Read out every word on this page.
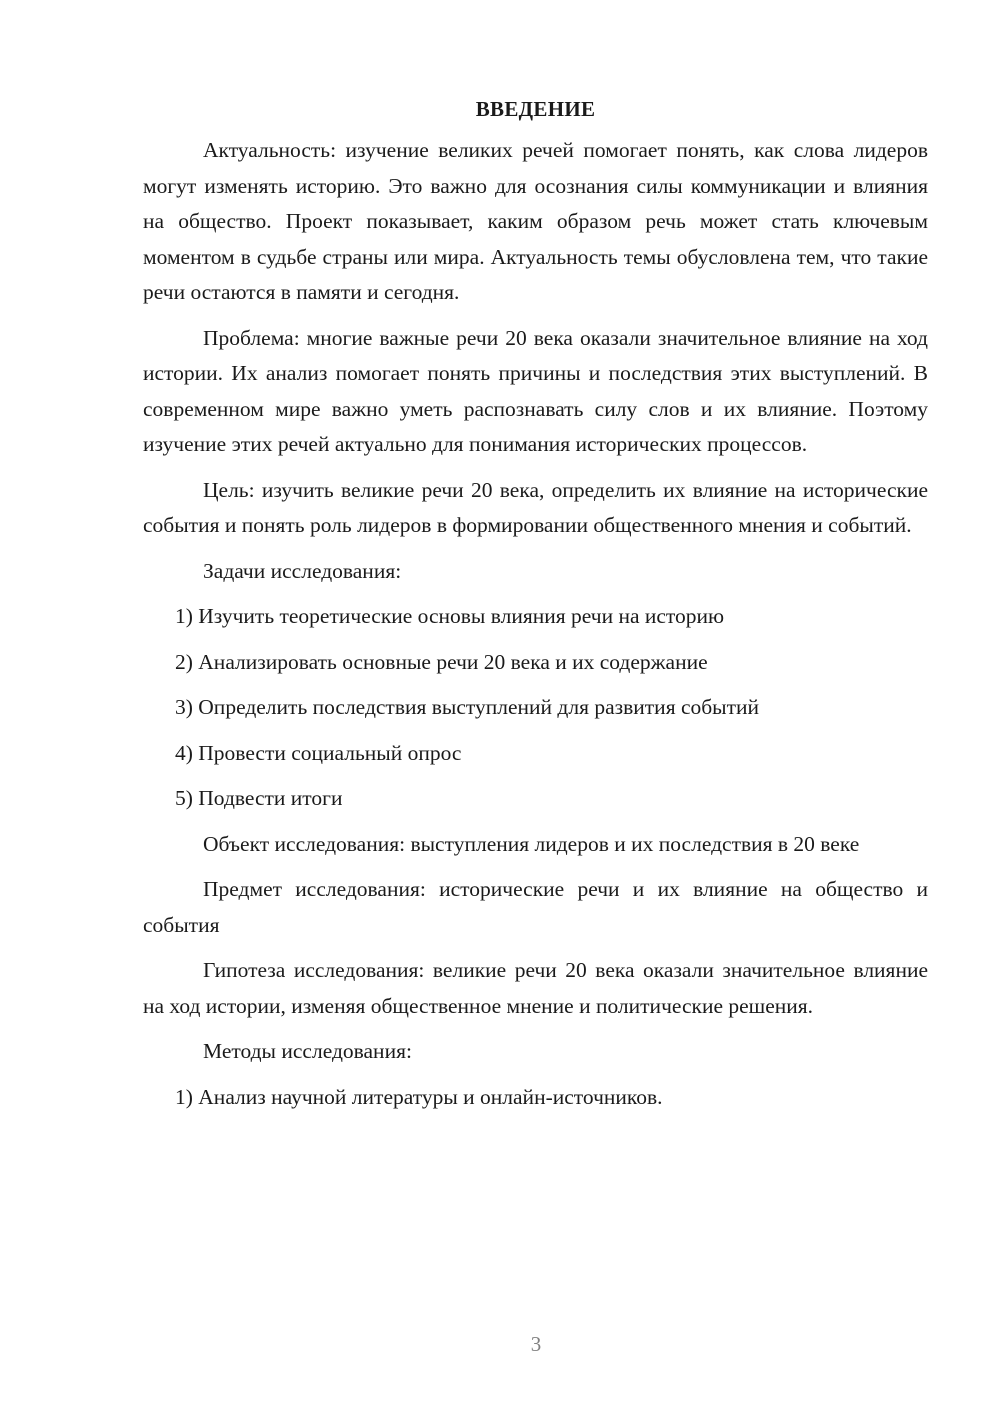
ВВЕДЕНИЕ

Актуальность: изучение великих речей помогает понять, как слова лидеров могут изменять историю. Это важно для осознания силы коммуникации и влияния на общество. Проект показывает, каким образом речь может стать ключевым моментом в судьбе страны или мира. Актуальность темы обусловлена тем, что такие речи остаются в памяти и сегодня.

Проблема: многие важные речи 20 века оказали значительное влияние на ход истории. Их анализ помогает понять причины и последствия этих выступлений. В современном мире важно уметь распознавать силу слов и их влияние. Поэтому изучение этих речей актуально для понимания исторических процессов.

Цель: изучить великие речи 20 века, определить их влияние на исторические события и понять роль лидеров в формировании общественного мнения и событий.

Задачи исследования:

1) Изучить теоретические основы влияния речи на историю
2) Анализировать основные речи 20 века и их содержание
3) Определить последствия выступлений для развития событий
4) Провести социальный опрос
5) Подвести итоги

Объект исследования: выступления лидеров и их последствия в 20 веке

Предмет исследования: исторические речи и их влияние на общество и события

Гипотеза исследования: великие речи 20 века оказали значительное влияние на ход истории, изменяя общественное мнение и политические решения.

Методы исследования:

1) Анализ научной литературы и онлайн-источников.
3
